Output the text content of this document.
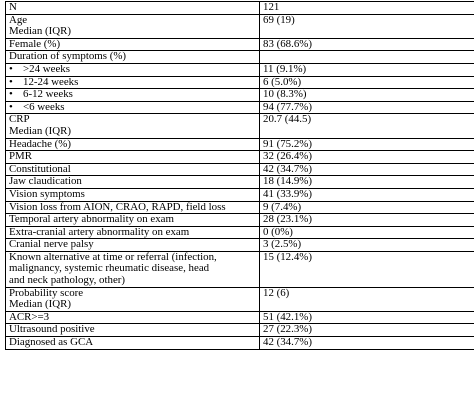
N	121

Age
Median (IQR)	69 (19)

Female (%)	83 (68.6%)

Duration of symptoms (%)	

• >24 weeks	11 (9.1%)

• 12-24 weeks	6 (5.0%)

• 6-12 weeks	10 (8.3%)

• <6 weeks	94 (77.7%)

CRP
Median (IQR)	20.7 (44.5)

Headache (%)	91 (75.2%)

PMR	32 (26.4%)

Constitutional	42 (34.7%)

Jaw claudication	18 (14.9%)

Vision symptoms	41 (33.9%)

Vision loss from AION, CRAO, RAPD, field loss	9 (7.4%)

Temporal artery abnormality on exam	28 (23.1%)

Extra-cranial artery abnormality on exam	0 (0%)

Cranial nerve palsy	3 (2.5%)

Known alternative at time or referral (infection,
malignancy, systemic rheumatic disease, head
and neck pathology, other)	15 (12.4%)

Probability score
Median (IQR)	12 (6)

ACR>=3	51 (42.1%)

Ultrasound positive	27 (22.3%)

Diagnosed as GCA	42 (34.7%)
